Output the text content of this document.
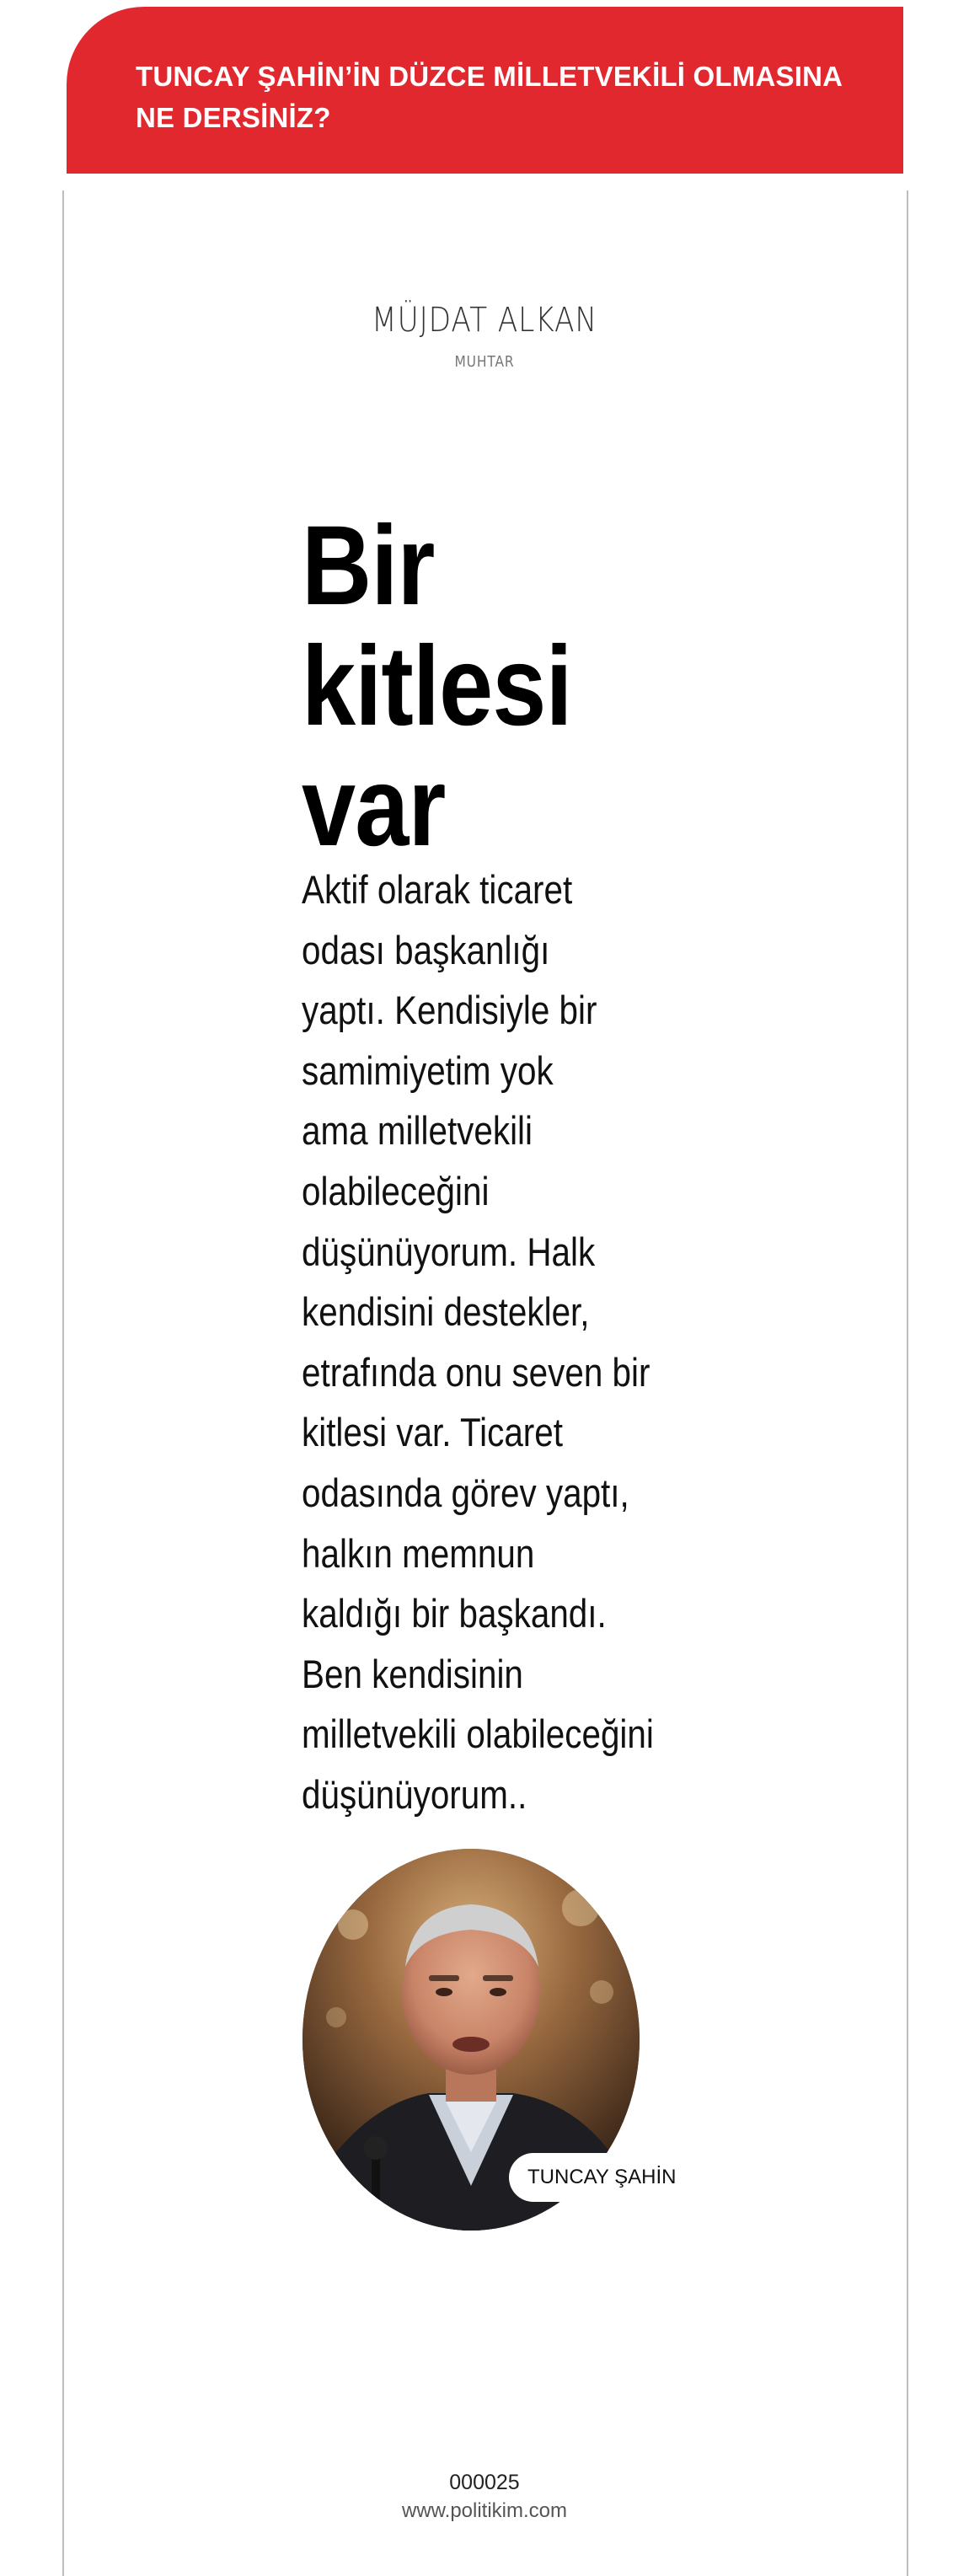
TUNCAY ŞAHİN’İN DÜZCE MİLLETVEKİLİ OLMASINA
NE DERSİNİZ?
MÜJDAT ALKAN
MUHTAR
Bir
kitlesi
var
Aktif olarak ticaret
odası başkanlığı
yaptı. Kendisiyle bir
samimiyetim yok
ama milletvekili
olabileceğini
düşünüyorum. Halk
kendisini destekler,
etrafında onu seven bir
kitlesi var. Ticaret
odasında görev yaptı,
halkın memnun
kaldığı bir başkandı.
Ben kendisinin
milletvekili olabileceğini
düşünüyorum..
TUNCAY ŞAHİN
000025
www.politikim.com
